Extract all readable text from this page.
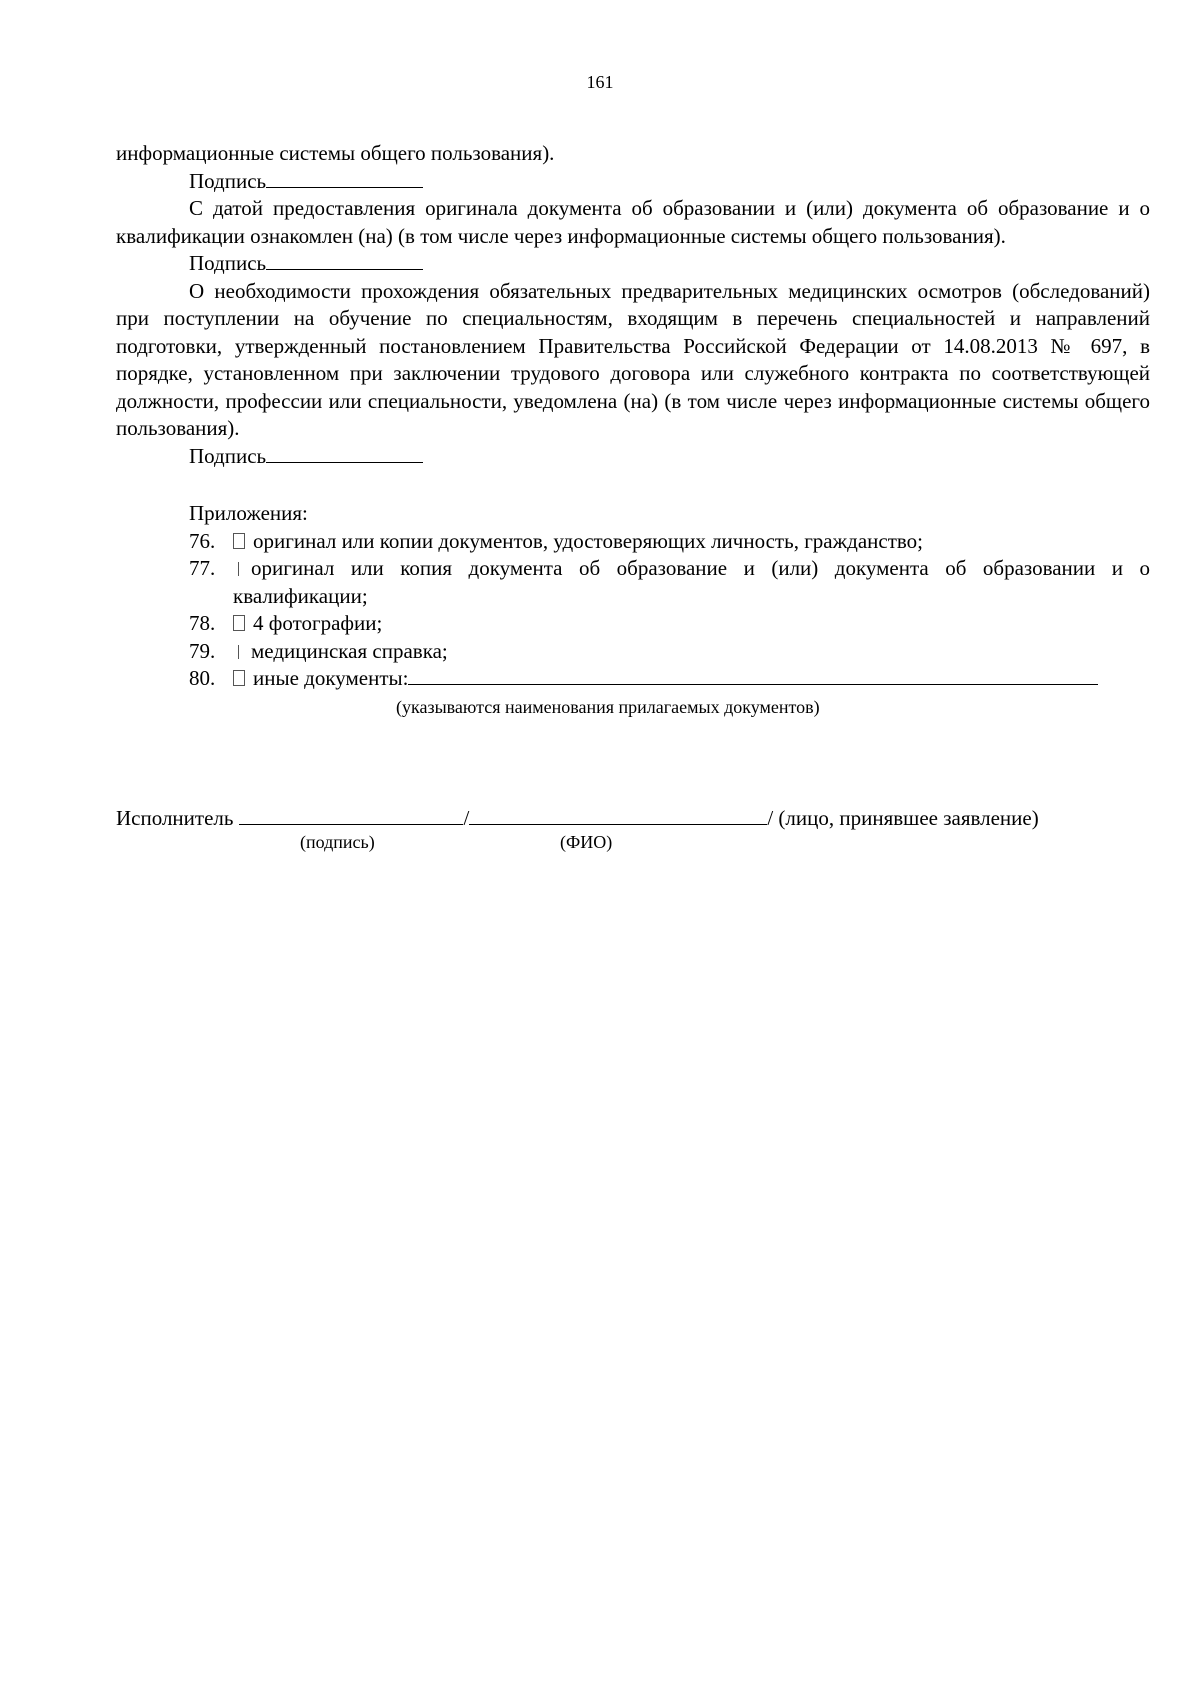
161

информационные системы общего пользования).

Подпись

С датой предоставления оригинала документа об образовании и (или) документа об образование и о квалификации ознакомлен (на) (в том числе через информационные системы общего пользования).

Подпись

О необходимости прохождения обязательных предварительных медицинских осмотров (обследований) при поступлении на обучение по специальностям, входящим в перечень специальностей и направлений подготовки, утвержденный постановлением Правительства Российской Федерации от 14.08.2013 № 697, в порядке, установленном при заключении трудового договора или служебного контракта по соответствующей должности, профессии или специальности, уведомлена (на) (в том числе через информационные системы общего пользования).

Подпись

Приложения:

76. оригинал или копии документов, удостоверяющих личность, гражданство;

77. оригинал или копия документа об образование и (или) документа об образовании и о квалификации;

78. 4 фотографии;

79. медицинская справка;

80. иные документы:

(указываются наименования прилагаемых документов)

Исполнитель	/	/ (лицо, принявшее заявление)
(подпись)	(ФИО)
